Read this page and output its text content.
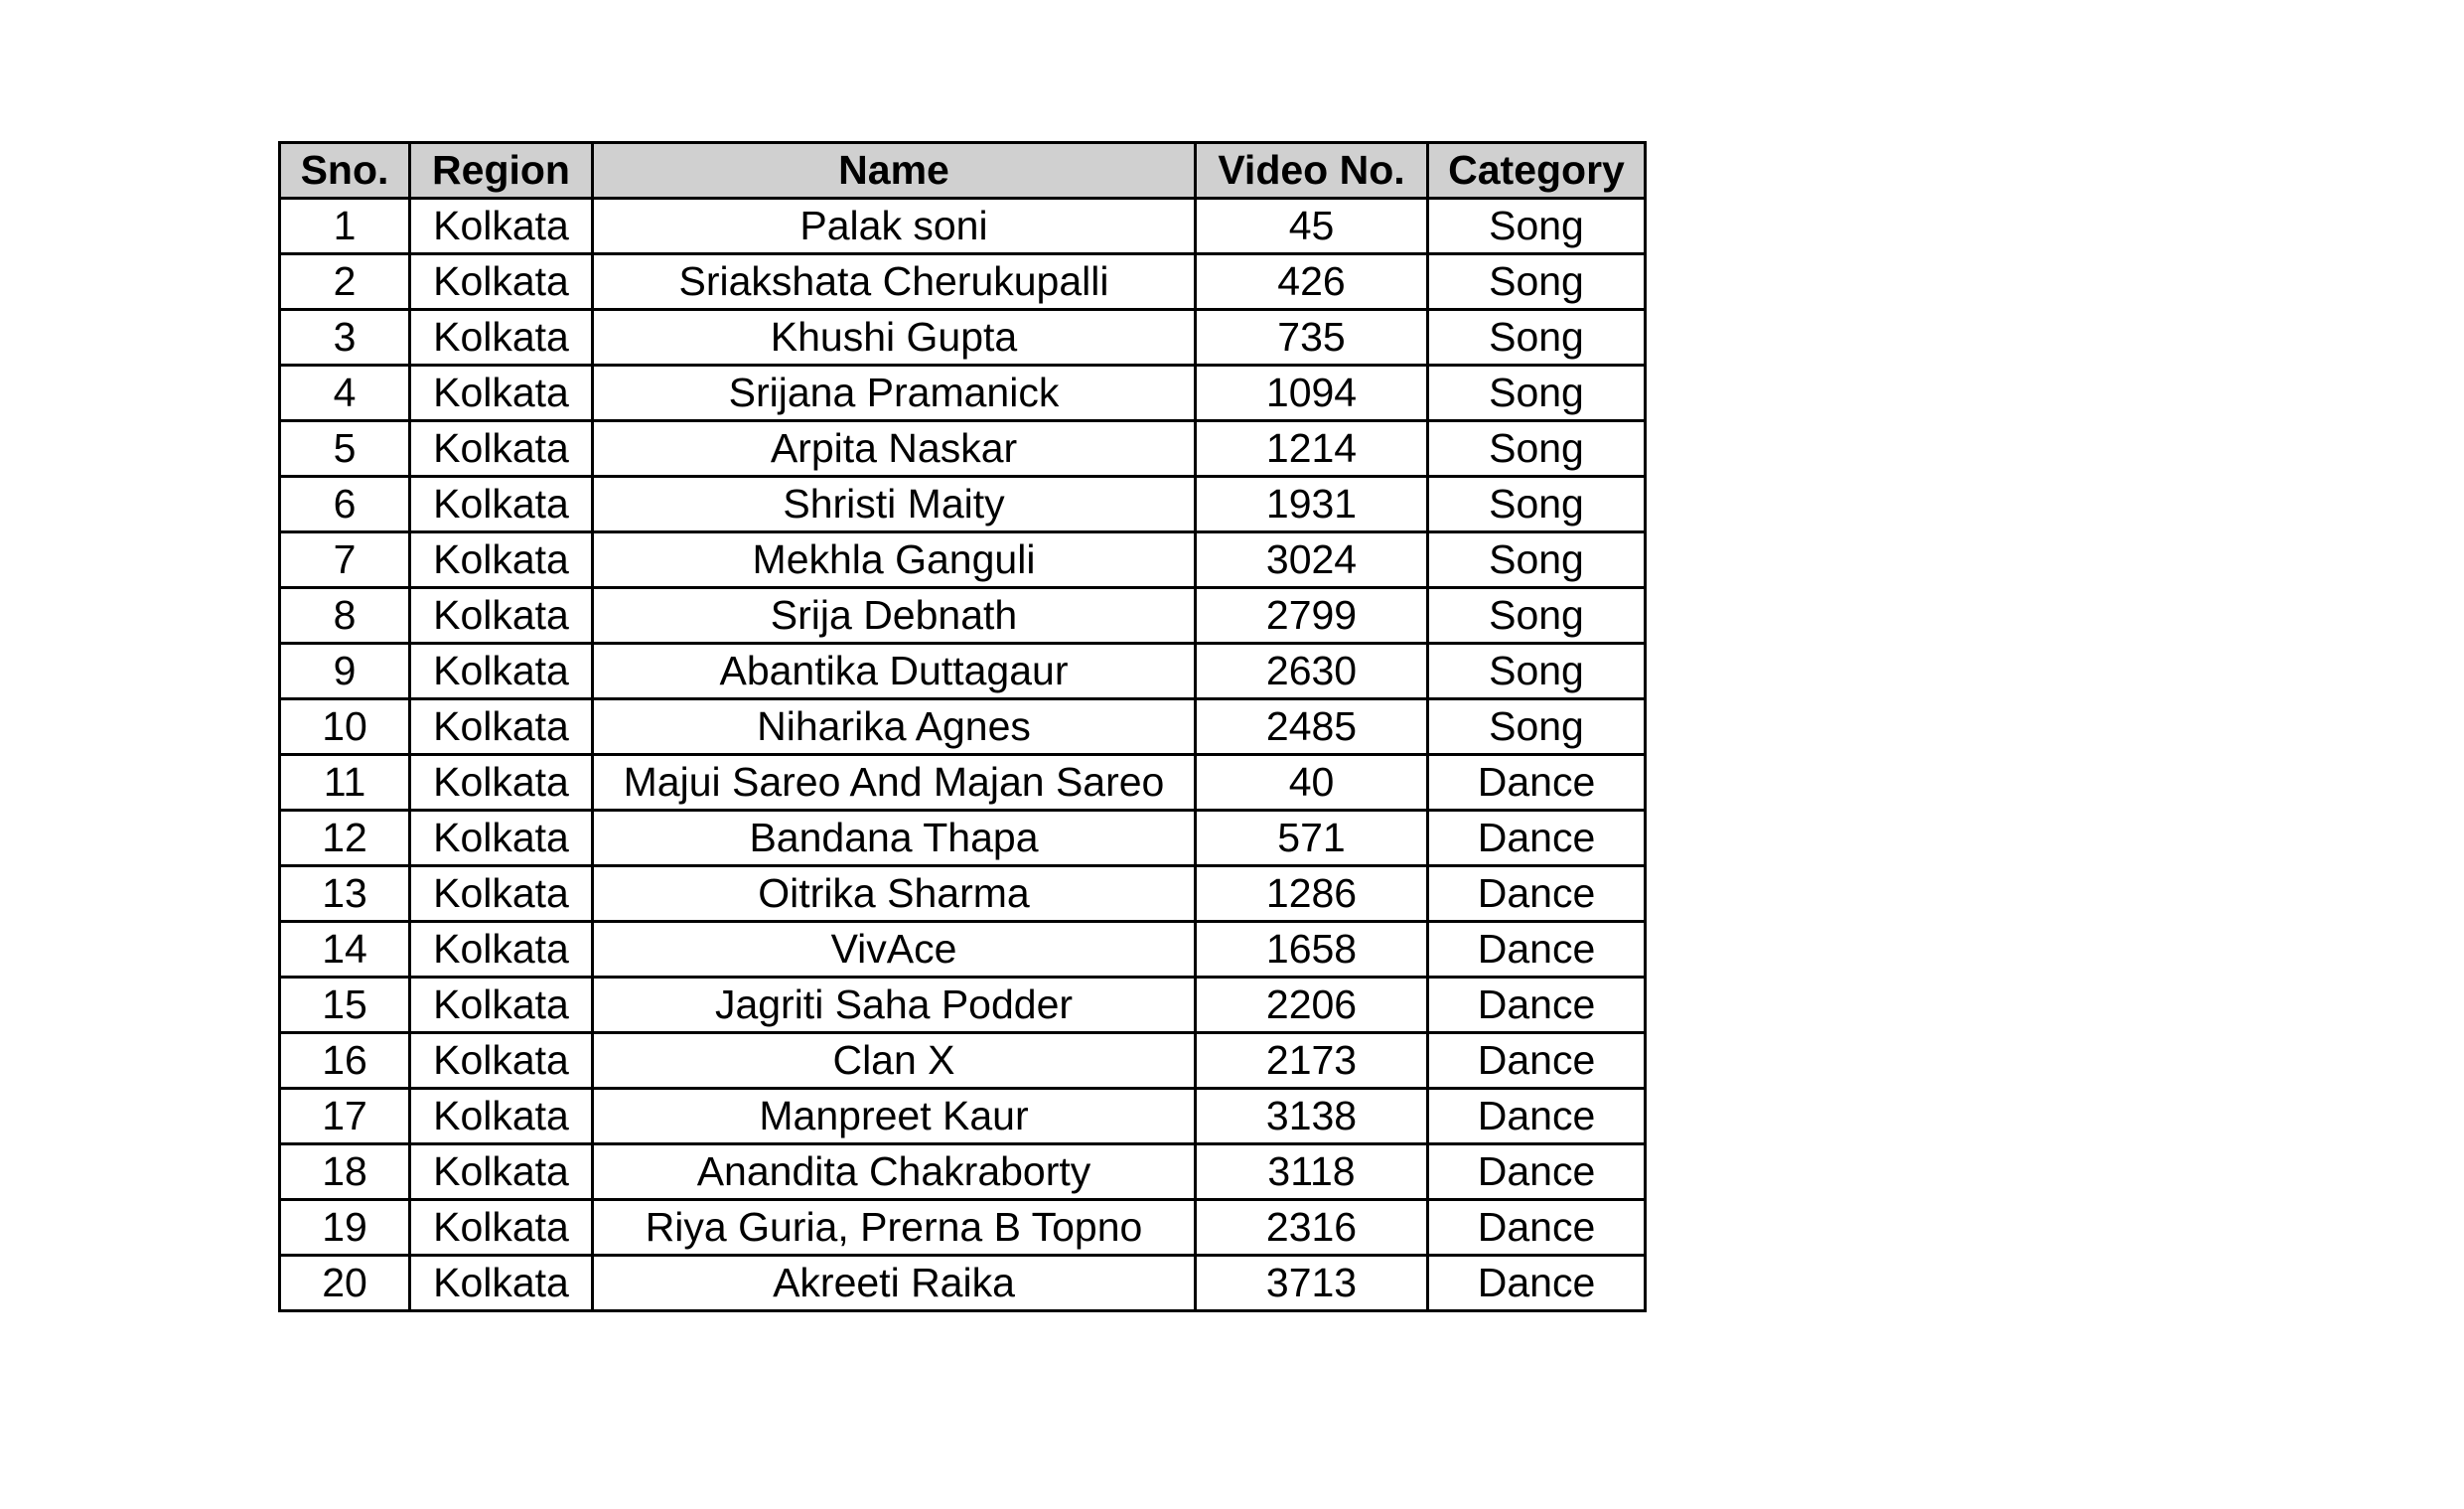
Sno.	Region	Name	Video No.	Category
1	Kolkata	Palak soni	45	Song
2	Kolkata	Sriakshata Cherukupalli	426	Song
3	Kolkata	Khushi Gupta	735	Song
4	Kolkata	Srijana Pramanick	1094	Song
5	Kolkata	Arpita Naskar	1214	Song
6	Kolkata	Shristi Maity	1931	Song
7	Kolkata	Mekhla Ganguli	3024	Song
8	Kolkata	Srija Debnath	2799	Song
9	Kolkata	Abantika Duttagaur	2630	Song
10	Kolkata	Niharika Agnes	2485	Song
11	Kolkata	Majui Sareo And Majan Sareo	40	Dance
12	Kolkata	Bandana Thapa	571	Dance
13	Kolkata	Oitrika Sharma	1286	Dance
14	Kolkata	VivAce	1658	Dance
15	Kolkata	Jagriti Saha Podder	2206	Dance
16	Kolkata	Clan X	2173	Dance
17	Kolkata	Manpreet Kaur	3138	Dance
18	Kolkata	Anandita Chakraborty	3118	Dance
19	Kolkata	Riya Guria, Prerna B Topno	2316	Dance
20	Kolkata	Akreeti Raika	3713	Dance
